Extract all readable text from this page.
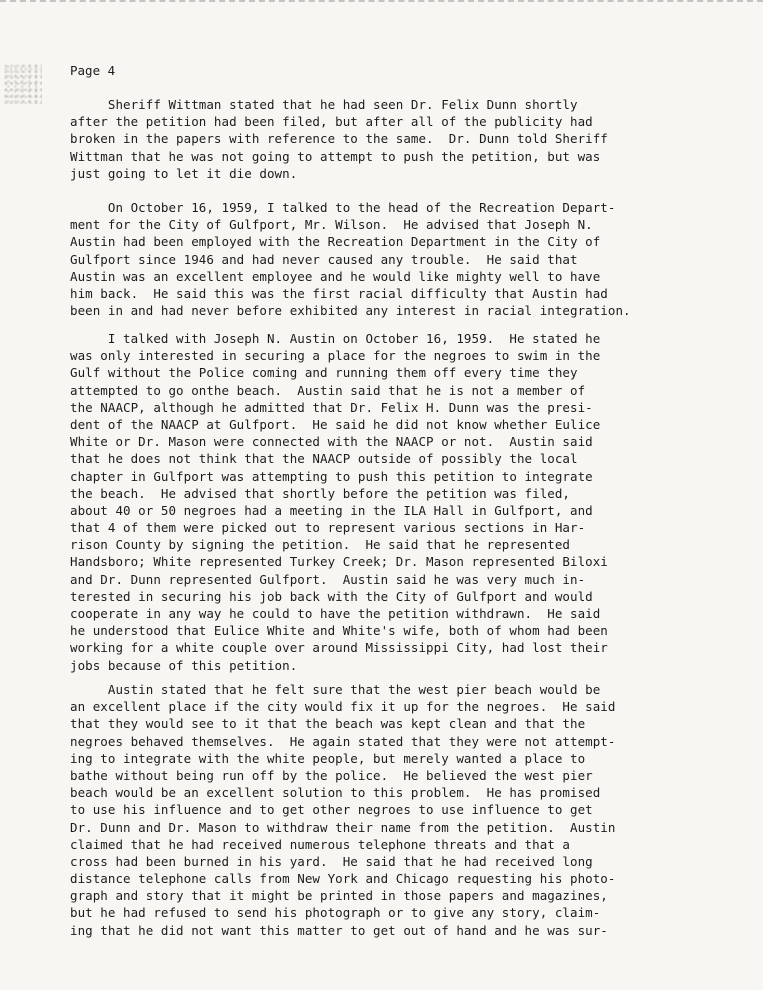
Page 4
Sheriff Wittman stated that he had seen Dr. Felix Dunn shortly
after the petition had been filed, but after all of the publicity had
broken in the papers with reference to the same.  Dr. Dunn told Sheriff
Wittman that he was not going to attempt to push the petition, but was
just going to let it die down.
On October 16, 1959, I talked to the head of the Recreation Depart-
ment for the City of Gulfport, Mr. Wilson.  He advised that Joseph N.
Austin had been employed with the Recreation Department in the City of
Gulfport since 1946 and had never caused any trouble.  He said that
Austin was an excellent employee and he would like mighty well to have
him back.  He said this was the first racial difficulty that Austin had
been in and had never before exhibited any interest in racial integration.
I talked with Joseph N. Austin on October 16, 1959.  He stated he
was only interested in securing a place for the negroes to swim in the
Gulf without the Police coming and running them off every time they
attempted to go onthe beach.  Austin said that he is not a member of
the NAACP, although he admitted that Dr. Felix H. Dunn was the presi-
dent of the NAACP at Gulfport.  He said he did not know whether Eulice
White or Dr. Mason were connected with the NAACP or not.  Austin said
that he does not think that the NAACP outside of possibly the local
chapter in Gulfport was attempting to push this petition to integrate
the beach.  He advised that shortly before the petition was filed,
about 40 or 50 negroes had a meeting in the ILA Hall in Gulfport, and
that 4 of them were picked out to represent various sections in Har-
rison County by signing the petition.  He said that he represented
Handsboro; White represented Turkey Creek; Dr. Mason represented Biloxi
and Dr. Dunn represented Gulfport.  Austin said he was very much in-
terested in securing his job back with the City of Gulfport and would
cooperate in any way he could to have the petition withdrawn.  He said
he understood that Eulice White and White's wife, both of whom had been
working for a white couple over around Mississippi City, had lost their
jobs because of this petition.
Austin stated that he felt sure that the west pier beach would be
an excellent place if the city would fix it up for the negroes.  He said
that they would see to it that the beach was kept clean and that the
negroes behaved themselves.  He again stated that they were not attempt-
ing to integrate with the white people, but merely wanted a place to
bathe without being run off by the police.  He believed the west pier
beach would be an excellent solution to this problem.  He has promised
to use his influence and to get other negroes to use influence to get
Dr. Dunn and Dr. Mason to withdraw their name from the petition.  Austin
claimed that he had received numerous telephone threats and that a
cross had been burned in his yard.  He said that he had received long
distance telephone calls from New York and Chicago requesting his photo-
graph and story that it might be printed in those papers and magazines,
but he had refused to send his photograph or to give any story, claim-
ing that he did not want this matter to get out of hand and he was sur-
